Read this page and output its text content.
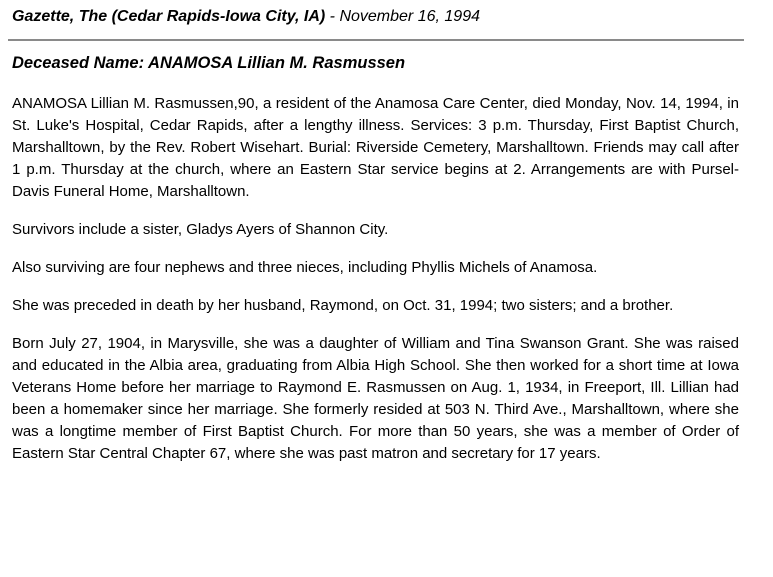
Gazette, The (Cedar Rapids-Iowa City, IA) - November 16, 1994
Deceased Name: ANAMOSA Lillian M. Rasmussen

ANAMOSA Lillian M. Rasmussen,90, a resident of the Anamosa Care Center, died Monday, Nov. 14, 1994, in St. Luke's Hospital, Cedar Rapids, after a lengthy illness. Services: 3 p.m. Thursday, First Baptist Church, Marshalltown, by the Rev. Robert Wisehart. Burial: Riverside Cemetery, Marshalltown. Friends may call after 1 p.m. Thursday at the church, where an Eastern Star service begins at 2. Arrangements are with Pursel-Davis Funeral Home, Marshalltown.

Survivors include a sister, Gladys Ayers of Shannon City.

Also surviving are four nephews and three nieces, including Phyllis Michels of Anamosa.

She was preceded in death by her husband, Raymond, on Oct. 31, 1994; two sisters; and a brother.

Born July 27, 1904, in Marysville, she was a daughter of William and Tina Swanson Grant. She was raised and educated in the Albia area, graduating from Albia High School. She then worked for a short time at Iowa Veterans Home before her marriage to Raymond E. Rasmussen on Aug. 1, 1934, in Freeport, Ill. Lillian had been a homemaker since her marriage. She formerly resided at 503 N. Third Ave., Marshalltown, where she was a longtime member of First Baptist Church. For more than 50 years, she was a member of Order of Eastern Star Central Chapter 67, where she was past matron and secretary for 17 years.
